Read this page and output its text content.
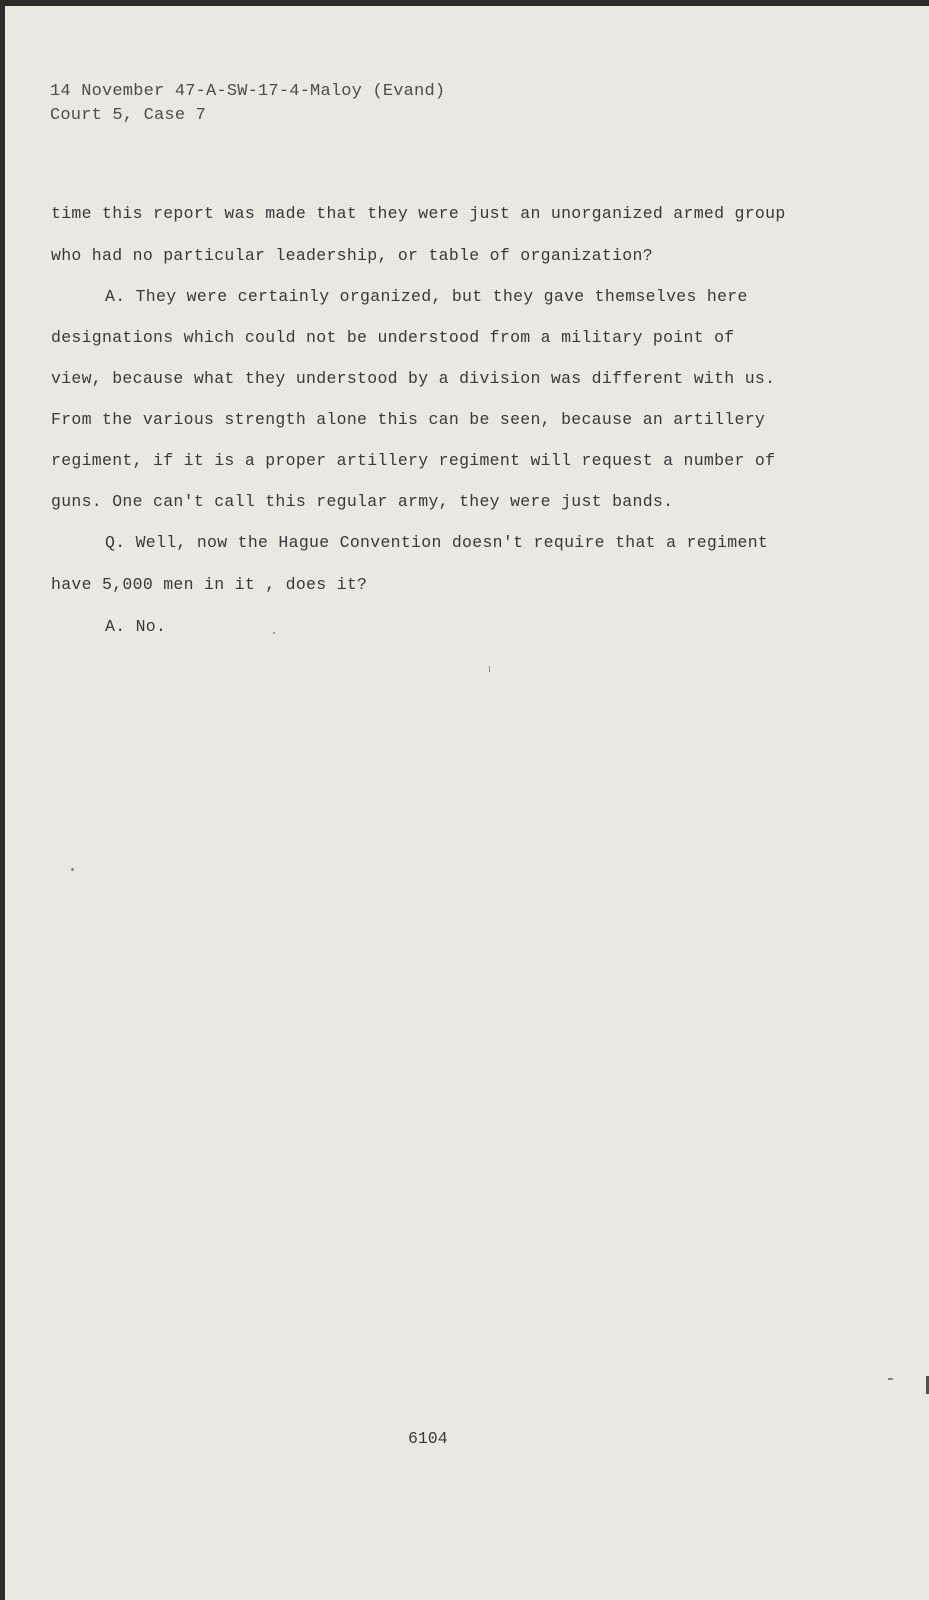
14 November 47-A-SW-17-4-Maloy (Evand)
Court 5, Case 7
time this report was made that they were just an unorganized armed group
who had no particular leadership, or table of organization?
A. They were certainly organized, but they gave themselves here
designations which could not be understood from a military point of
view, because what they understood by a division was different with us.
From the various strength alone this can be seen, because an artillery
regiment, if it is a proper artillery regiment will request a number of
guns. One can't call this regular army, they were just bands.
Q. Well, now the Hague Convention doesn't require that a regiment
have 5,000 men in it , does it?
A. No.
6104
